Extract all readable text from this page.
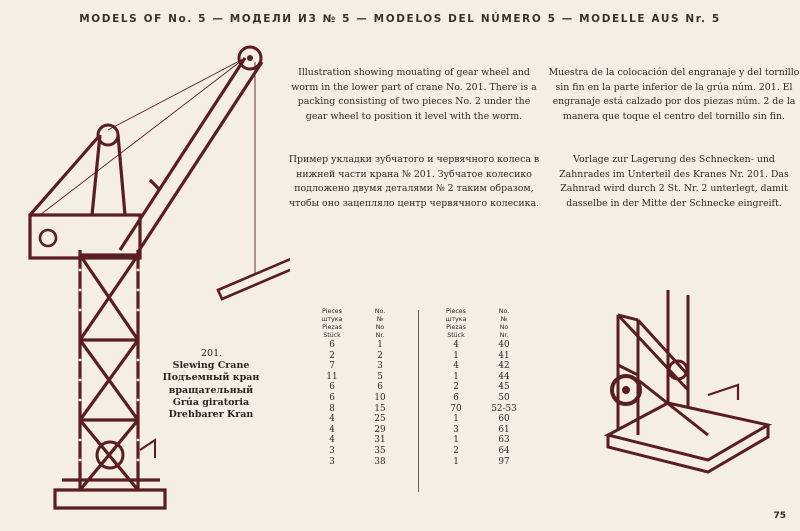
MODELS OF No. 5 — МОДЕЛИ ИЗ № 5 — MODELOS DEL NÚMERO 5 — MODELLE AUS Nr. 5
Illustration showing mouating of gear wheel and worm in the lower part of crane No. 201. There is a packing consisting of two pieces No. 2 under the gear wheel to position it level with the worm.
Пример укладки зубчатого и червячного колеса в нижней части крана № 201. Зубчатое колесико подложено двумя деталями № 2 таким образом, чтобы оно зацепляло центр червячного колесика.
Muestra de la colocación del engranaje y del tornillo sin fin en la parte inferior de la grúa núm. 201. El engranaje está calzado por dos piezas núm. 2 de la manera que toque el centro del tornillo sin fin.
Vorlage zur Lagerung des Schnecken- und Zahnrades im Unterteil des Kranes Nr. 201. Das Zahnrad wird durch 2 St. Nr. 2 unterlegt, damit dasselbe in der Mitte der Schnecke eingreift.
201.
Slewing Crane
Подъемный кран
вращательный
Grúa giratoria
Drehbarer Kran
Pieces
штука
Piezas
Stück	No.
№
No
Nr.
6	1
2	2
7	3
11	5
6	6
6	10
8	15
4	25
4	29
4	31
3	35
3	38
Pieces
штука
Piezas
Stück	No.
№
No
Nr.
4	40
1	41
4	42
1	44
2	45
6	50
70	52-53
1	60
3	61
1	63
2	64
1	97
75
